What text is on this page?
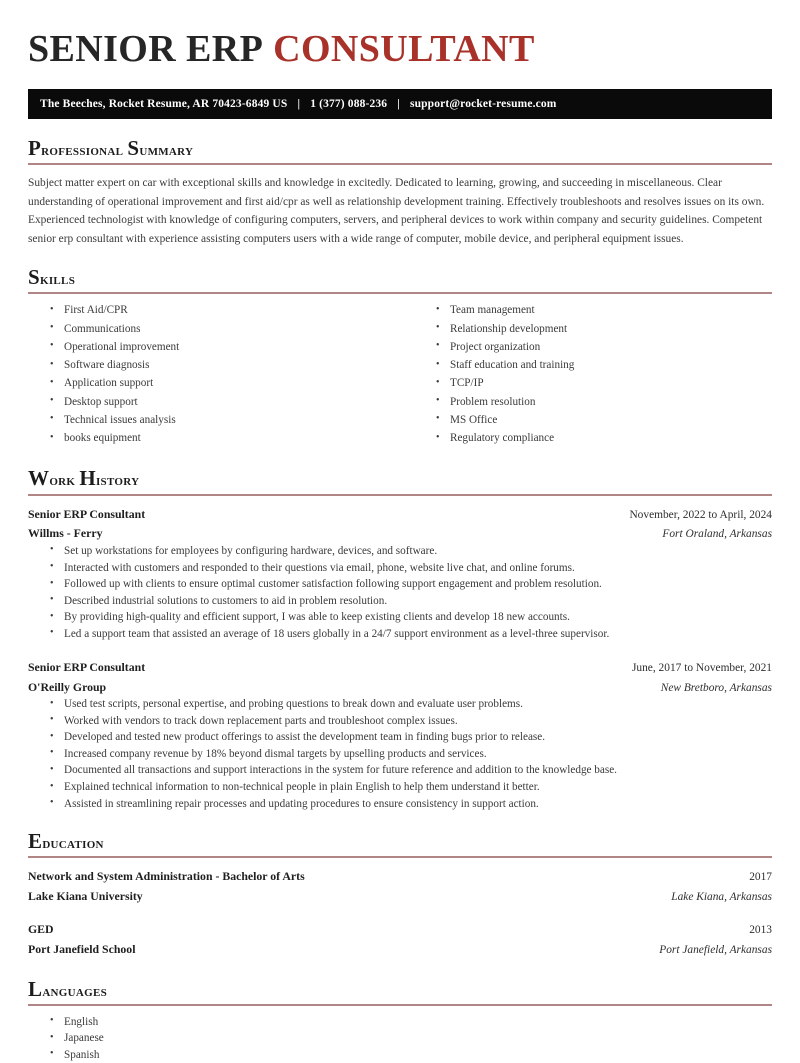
SENIOR ERP CONSULTANT
The Beeches, Rocket Resume, AR 70423-6849 US | 1 (377) 088-236 | support@rocket-resume.com
Professional Summary

Subject matter expert on car with exceptional skills and knowledge in excitedly. Dedicated to learning, growing, and succeeding in miscellaneous. Clear understanding of operational improvement and first aid/cpr as well as relationship development training. Effectively troubleshoots and resolves issues on its own. Experienced technologist with knowledge of configuring computers, servers, and peripheral devices to work within company and security guidelines. Competent senior erp consultant with experience assisting computers users with a wide range of computer, mobile device, and peripheral equipment issues.

Skills
• First Aid/CPR
• Communications
• Operational improvement
• Software diagnosis
• Application support
• Desktop support
• Technical issues analysis
• books equipment
• Team management
• Relationship development
• Project organization
• Staff education and training
• TCP/IP
• Problem resolution
• MS Office
• Regulatory compliance
Work History
Senior ERP Consultant	November, 2022 to April, 2024
Willms - Ferry	Fort Oraland, Arkansas
• Set up workstations for employees by configuring hardware, devices, and software.
• Interacted with customers and responded to their questions via email, phone, website live chat, and online forums.
• Followed up with clients to ensure optimal customer satisfaction following support engagement and problem resolution.
• Described industrial solutions to customers to aid in problem resolution.
• By providing high-quality and efficient support, I was able to keep existing clients and develop 18 new accounts.
• Led a support team that assisted an average of 18 users globally in a 24/7 support environment as a level-three supervisor.
Senior ERP Consultant	June, 2017 to November, 2021
O'Reilly Group	New Bretboro, Arkansas
• Used test scripts, personal expertise, and probing questions to break down and evaluate user problems.
• Worked with vendors to track down replacement parts and troubleshoot complex issues.
• Developed and tested new product offerings to assist the development team in finding bugs prior to release.
• Increased company revenue by 18% beyond dismal targets by upselling products and services.
• Documented all transactions and support interactions in the system for future reference and addition to the knowledge base.
• Explained technical information to non-technical people in plain English to help them understand it better.
• Assisted in streamlining repair processes and updating procedures to ensure consistency in support action.
Education
Network and System Administration - Bachelor of Arts	2017
Lake Kiana University	Lake Kiana, Arkansas
GED	2013
Port Janefield School	Port Janefield, Arkansas
Languages
• English
• Japanese
• Spanish
